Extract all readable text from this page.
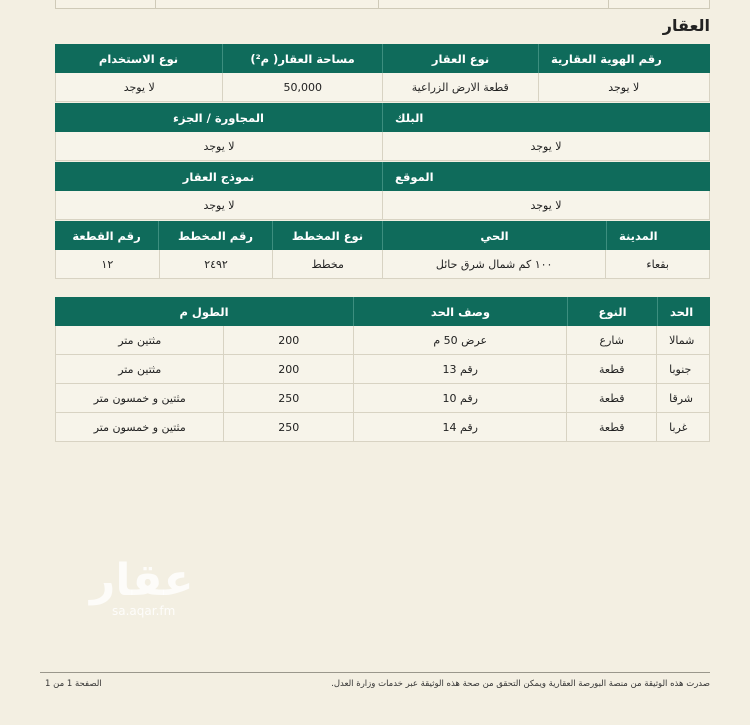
العقار
رقم الهوية العقارية
نوع العقار
مساحة العقار( م²)
نوع الاستخدام
لا يوجد
قطعة الارض الزراعية
50,000
لا يوجد
البلك
المجاورة / الجزء
لا يوجد
لا يوجد
الموقع
نموذج العقار
لا يوجد
لا يوجد
المدينة
الحي
نوع المخطط
رقم المخطط
رقم القطعة
بقعاء
١٠٠ كم شمال شرق حائل
مخطط
٢٤٩٢
١٢
الحد
النوع
وصف الحد
الطول م
شمالا
شارع
عرض 50 م
200
مثتين متر
جنوبا
قطعة
رقم 13
200
مثتين متر
شرقا
قطعة
رقم 10
250
مثتين و خمسون متر
غربا
قطعة
رقم 14
250
مثتين و خمسون متر
عقار
sa.aqar.fm
صدرت هذه الوثيقة من منصة البورصة العقارية ويمكن التحقق من صحة هذه الوثيقة عبر خدمات وزارة العدل.
الصفحة 1 من 1
